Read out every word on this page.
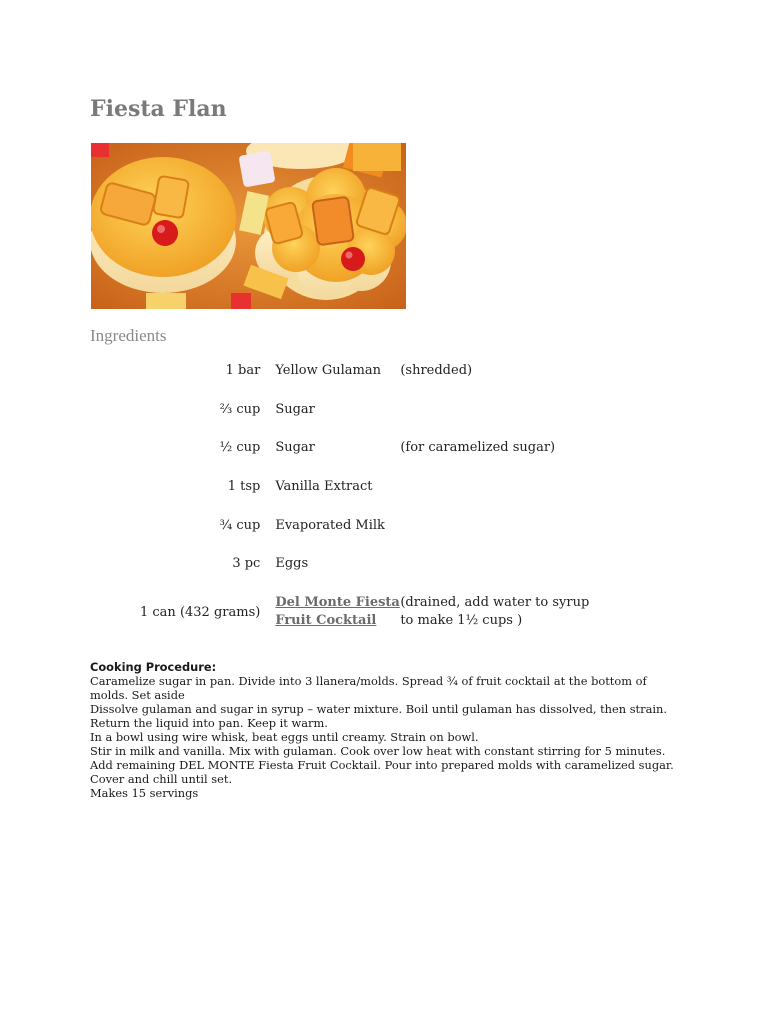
Fiesta Flan
Ingredients
1 bar	Yellow Gulaman	(shredded)
⅔ cup	Sugar	
½ cup	Sugar	(for caramelized sugar)
1 tsp	Vanilla Extract	
¾ cup	Evaporated Milk	
3 pc	Eggs	
1 can (432 grams)	Del Monte Fiesta Fruit Cocktail	(drained, add water to syrup to make 1½ cups )
Cooking Procedure:

Caramelize sugar in pan. Divide into 3 llanera/molds. Spread ¾ of fruit cocktail at the bottom of molds. Set aside

Dissolve gulaman and sugar in syrup – water mixture. Boil until gulaman has dissolved, then strain. Return the liquid into pan. Keep it warm.

In a bowl using wire whisk, beat eggs until creamy. Strain on bowl.

Stir in milk and vanilla. Mix with gulaman. Cook over low heat with constant stirring for 5 minutes.

Add remaining DEL MONTE Fiesta Fruit Cocktail. Pour into prepared molds with caramelized sugar. Cover and chill until set.

Makes 15 servings
